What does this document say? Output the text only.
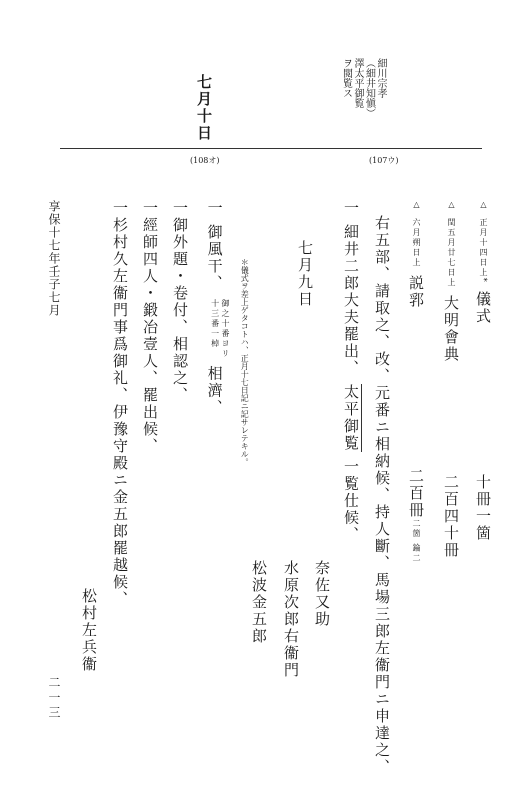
細川宗孝
（細井知愼）
澤太平御覧
ヲ閲覧ス
七月十日
(107ウ)
(108オ)
△ 正月十四日上* 儀式
十冊一箇
△ 閏五月廿七日上 大明會典
二百四十冊
△ 六月朔日上 説郛
二百冊二箇 錀二
右五部、請取之、改、元番ニ相納候、持人斷、馬場三郎左衞門ニ申達之、
一 細井二郎大夫罷出、 太平御覧 一覧仕候、
奈佐又助
水原次郎右衞門
松波金五郎
七月九日
＊儀式ヲ差上ゲタコトハ、正月十七日記ニ記サレテキル。
一 御風干、 御之十番ヨリ
十三番一棹 相濟、
一御外題・卷付、相認之、
一經師四人・鍛冶壹人、罷出候、
一杉村久左衞門事爲御礼、伊豫守殿ニ金五郎罷越候、
松村左兵衞
享保十七年壬子七月
二一三
